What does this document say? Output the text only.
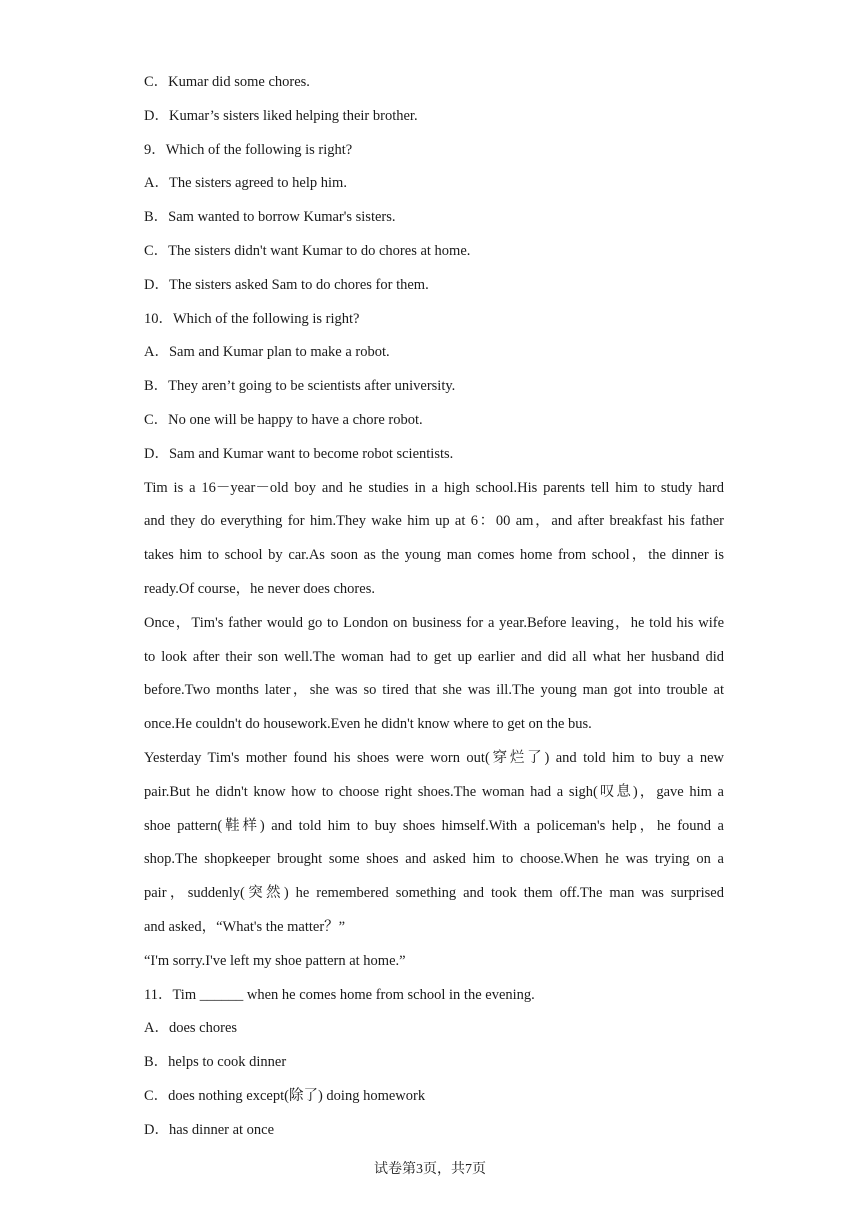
C．Kumar did some chores.
D．Kumar’s sisters liked helping their brother.
9．Which of the following is right?
A．The sisters agreed to help him.
B．Sam wanted to borrow Kumar's sisters.
C．The sisters didn't want Kumar to do chores at home.
D．The sisters asked Sam to do chores for them.
10．Which of the following is right?
A．Sam and Kumar plan to make a robot.
B．They aren’t going to be scientists after university.
C．No one will be happy to have a chore robot.
D．Sam and Kumar want to become robot scientists.
Tim is a 16－year－old boy and he studies in a high school.His parents tell him to study hard
and they do everything for him.They wake him up at 6：00 am，and after breakfast his father
takes him to school by car.As soon as the young man comes home from school，the dinner is
ready.Of course，he never does chores.
Once，Tim's father would go to London on business for a year.Before leaving，he told his wife
to look after their son well.The woman had to get up earlier and did all what her husband did
before.Two months later，she was so tired that she was ill.The young man got into trouble at
once.He couldn't do housework.Even he didn't know where to get on the bus.
Yesterday Tim's mother found his shoes were worn out(穿烂了) and told him to buy a new
pair.But he didn't know how to choose right shoes.The woman had a sigh(叹息)，gave him a
shoe pattern(鞋样) and told him to buy shoes himself.With a policeman's help，he found a
shop.The shopkeeper brought some shoes and asked him to choose.When he was trying on a
pair，suddenly(突然) he remembered something and took them off.The man was surprised
and asked，“What's the matter？”
“I'm sorry.I've left my shoe pattern at home.”
11．Tim ______ when he comes home from school in the evening.
A．does chores
B．helps to cook dinner
C．does nothing except(除了) doing homework
D．has dinner at once
试卷第3页，共7页
